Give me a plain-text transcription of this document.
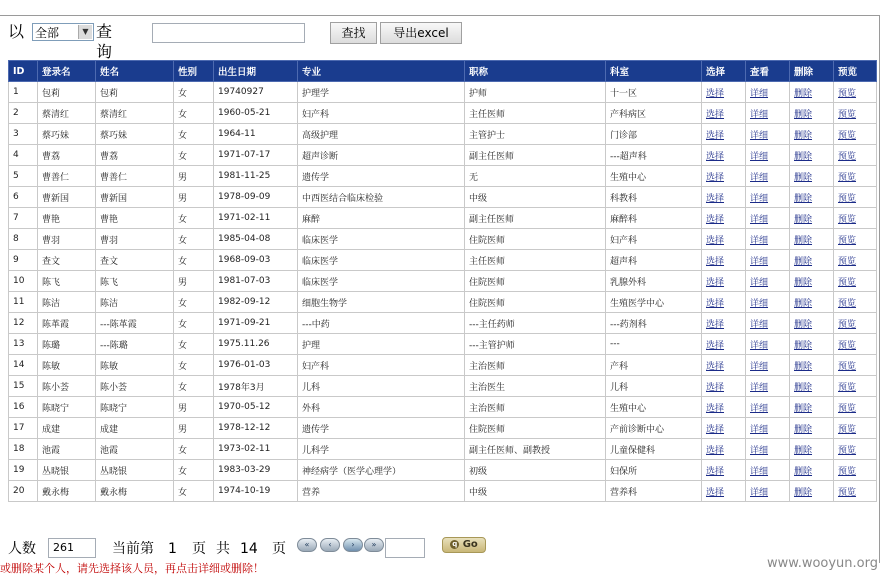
以 全部	▼ 查询
查找	导出excel
ID	登录名	姓名	性别	出生日期	专业	职称	科室	选择	查看	删除	预览
1	包莉	包莉	女	19740927	护理学	护师	十一区	选择	详细	删除	预览
2	蔡清红	蔡清红	女	1960-05-21	妇产科	主任医师	产科病区	选择	详细	删除	预览
3	蔡巧妹	蔡巧妹	女	1964-11	高级护理	主管护士	门诊部	选择	详细	删除	预览
4	曹荔	曹荔	女	1971-07-17	超声诊断	副主任医师	---超声科	选择	详细	删除	预览
5	曹善仁	曹善仁	男	1981-11-25	遗传学	无	生殖中心	选择	详细	删除	预览
6	曹新国	曹新国	男	1978-09-09	中西医结合临床检验	中级	科教科	选择	详细	删除	预览
7	曹艳	曹艳	女	1971-02-11	麻醉	副主任医师	麻醉科	选择	详细	删除	预览
8	曹羽	曹羽	女	1985-04-08	临床医学	住院医师	妇产科	选择	详细	删除	预览
9	查文	查文	女	1968-09-03	临床医学	主任医师	超声科	选择	详细	删除	预览
10	陈飞	陈飞	男	1981-07-03	临床医学	住院医师	乳腺外科	选择	详细	删除	预览
11	陈洁	陈洁	女	1982-09-12	细胞生物学	住院医师	生殖医学中心	选择	详细	删除	预览
12	陈革霞	---陈革霞	女	1971-09-21	---中药	---主任药师	---药剂科	选择	详细	删除	预览
13	陈璐	---陈璐	女	1975.11.26	护理	---主管护师	---	选择	详细	删除	预览
14	陈敏	陈敏	女	1976-01-03	妇产科	主治医师	产科	选择	详细	删除	预览
15	陈小荟	陈小荟	女	1978年3月	儿科	主治医生	儿科	选择	详细	删除	预览
16	陈晓宁	陈晓宁	男	1970-05-12	外科	主治医师	生殖中心	选择	详细	删除	预览
17	成建	成建	男	1978-12-12	遗传学	住院医师	产前诊断中心	选择	详细	删除	预览
18	池霞	池霞	女	1973-02-11	儿科学	副主任医师、副教授	儿童保健科	选择	详细	删除	预览
19	丛晓银	丛晓银	女	1983-03-29	神经病学（医学心理学）	初级	妇保所	选择	详细	删除	预览
20	戴永梅	戴永梅	女	1974-10-19	营养	中级	营养科	选择	详细	删除	预览
人数	261	当前第 1 页 共 14 页	«	‹	›	»	q Go
或删除某个人，请先选择该人员，再点击详细或删除！	www.wooyun.org
